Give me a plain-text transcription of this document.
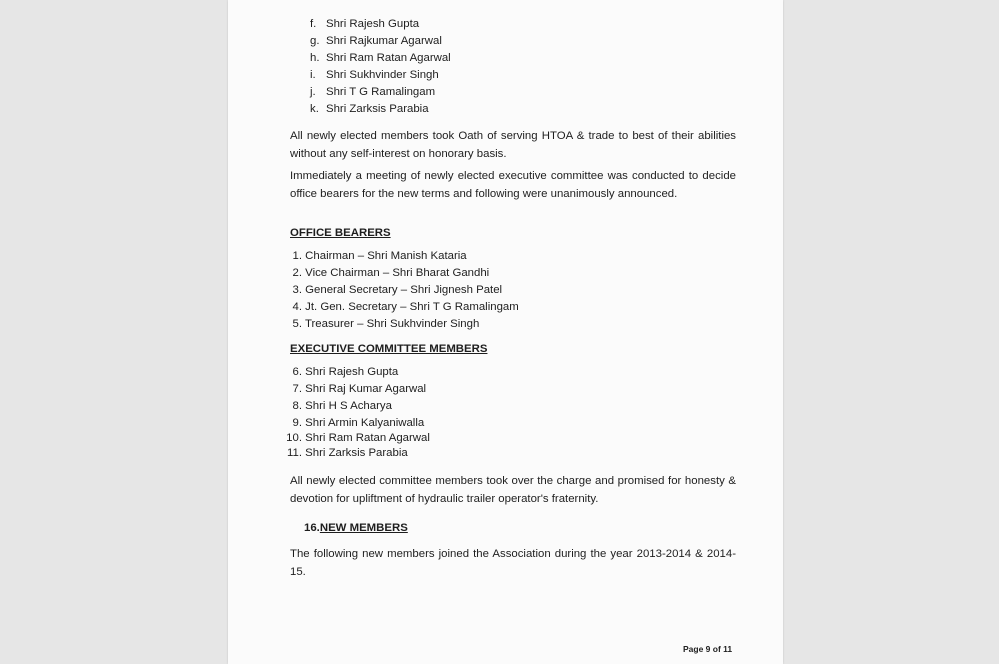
f. Shri Rajesh Gupta
g. Shri Rajkumar Agarwal
h. Shri Ram Ratan Agarwal
i. Shri Sukhvinder Singh
j. Shri T G Ramalingam
k. Shri Zarksis Parabia
All newly elected members took Oath of serving HTOA & trade to best of their abilities without any self-interest on honorary basis.
Immediately a meeting of newly elected executive committee was conducted to decide office bearers for the new terms and following were unanimously announced.
OFFICE BEARERS
1. Chairman – Shri Manish Kataria
2. Vice Chairman – Shri Bharat Gandhi
3. General Secretary – Shri Jignesh Patel
4. Jt. Gen. Secretary – Shri T G Ramalingam
5. Treasurer – Shri Sukhvinder Singh
EXECUTIVE COMMITTEE MEMBERS
6. Shri Rajesh Gupta
7. Shri Raj Kumar Agarwal
8. Shri H S Acharya
9. Shri Armin Kalyaniwalla
10. Shri Ram Ratan Agarwal
11. Shri Zarksis Parabia
All newly elected committee members took over the charge and promised for honesty & devotion for upliftment of hydraulic trailer operator's fraternity.
16.NEW MEMBERS
The following new members joined the Association during the year 2013-2014 & 2014-15.
Page 9 of 11
